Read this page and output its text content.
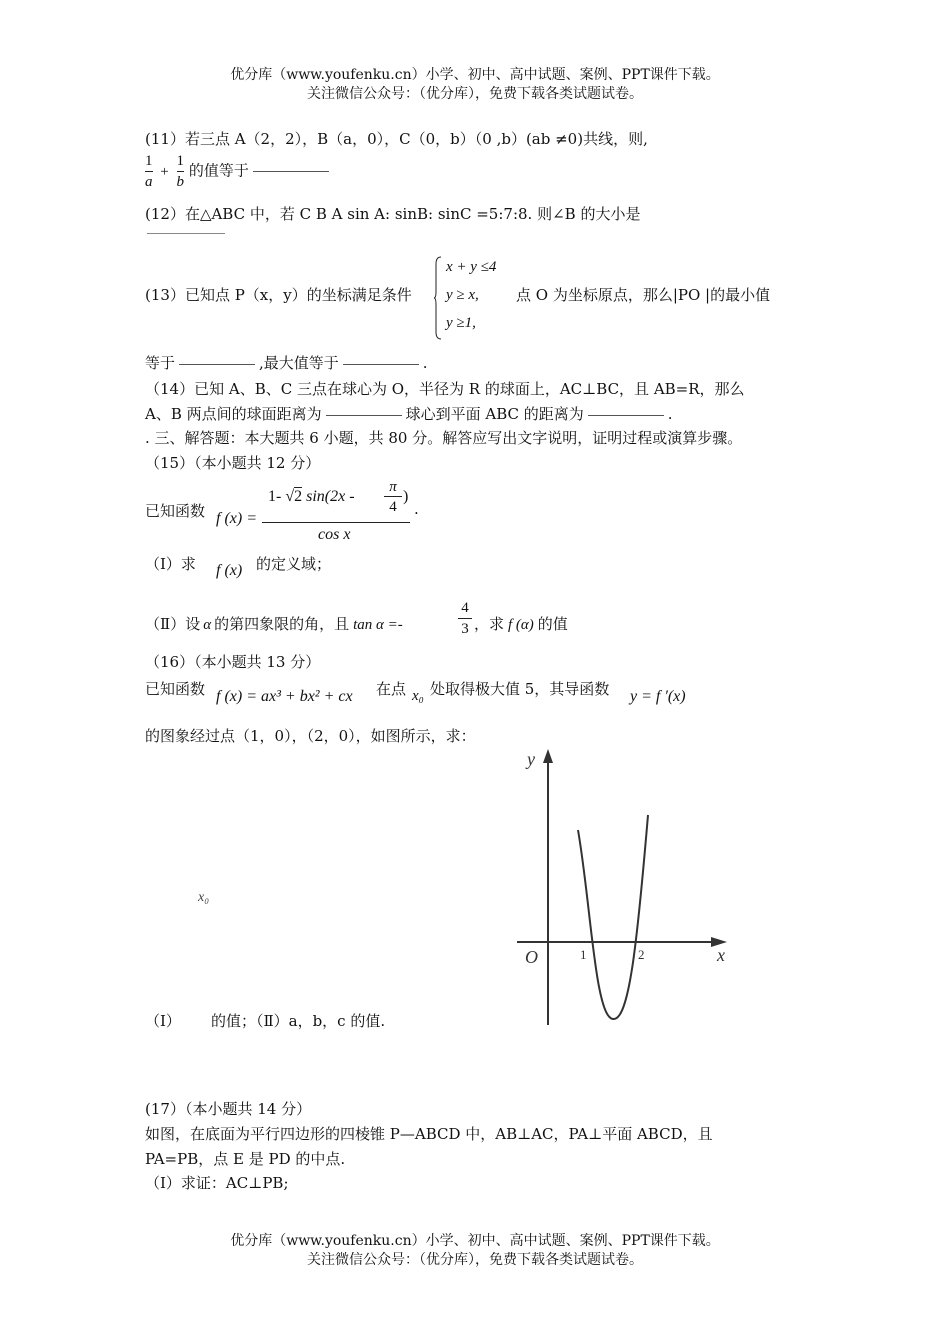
优分库（www.youfenku.cn）小学、初中、高中试题、案例、PPT课件下载。
关注微信公众号：（优分库），免费下载各类试题试卷。
(11）若三点 A（2，2），B（a，0），C（0，b）（0 ,b）(ab ≠0)共线，则,
$\frac{1}{a} + \frac{1}{b}$ 的值等于
(12）在△ABC 中，若 C B A sin A: sinB: sinC =5:7:8. 则∠B 的大小是
(13）已知点 P（x，y）的坐标满足条件
x + y ≤4
y ≥ x,
y ≥1,
点 O 为坐标原点，那么|PO |的最小值
等于	,最大值等于	.
（14）已知 A、B、C 三点在球心为 O，半径为 R 的球面上，AC⊥BC，且 AB=R，那么
A、B 两点间的球面距离为	球心到平面 ABC 的距离为	.
. 三、解答题：本大题共 6 小题，共 80 分。解答应写出文字说明，证明过程或演算步骤。
（15）（本小题共 12 分）
已知函数 f (x) =
1- √2 sin(2x -
π
4
)
cos x
.
（Ⅰ）求 f (x) 的定义域；
（Ⅱ）设 α 的第四象限的角，且 tan α =-
4
3 ，求 f (α) 的值
（16）（本小题共 13 分）
已知函数 f (x) = ax³ + bx² + cx 在点 x₀ 处取得极大值 5，其导函数 y = f ′(x)
的图象经过点（1，0），（2，0），如图所示，求：
x₀
（Ⅰ） 的值；（Ⅱ）a，b，c 的值.
y
x
O	1	2
(17）（本小题共 14 分）
如图，在底面为平行四边形的四棱锥 P—ABCD 中，AB⊥AC，PA⊥平面 ABCD，且
PA=PB，点 E 是 PD 的中点.
（Ⅰ）求证：AC⊥PB;
优分库（www.youfenku.cn）小学、初中、高中试题、案例、PPT课件下载。
关注微信公众号：（优分库），免费下载各类试题试卷。
